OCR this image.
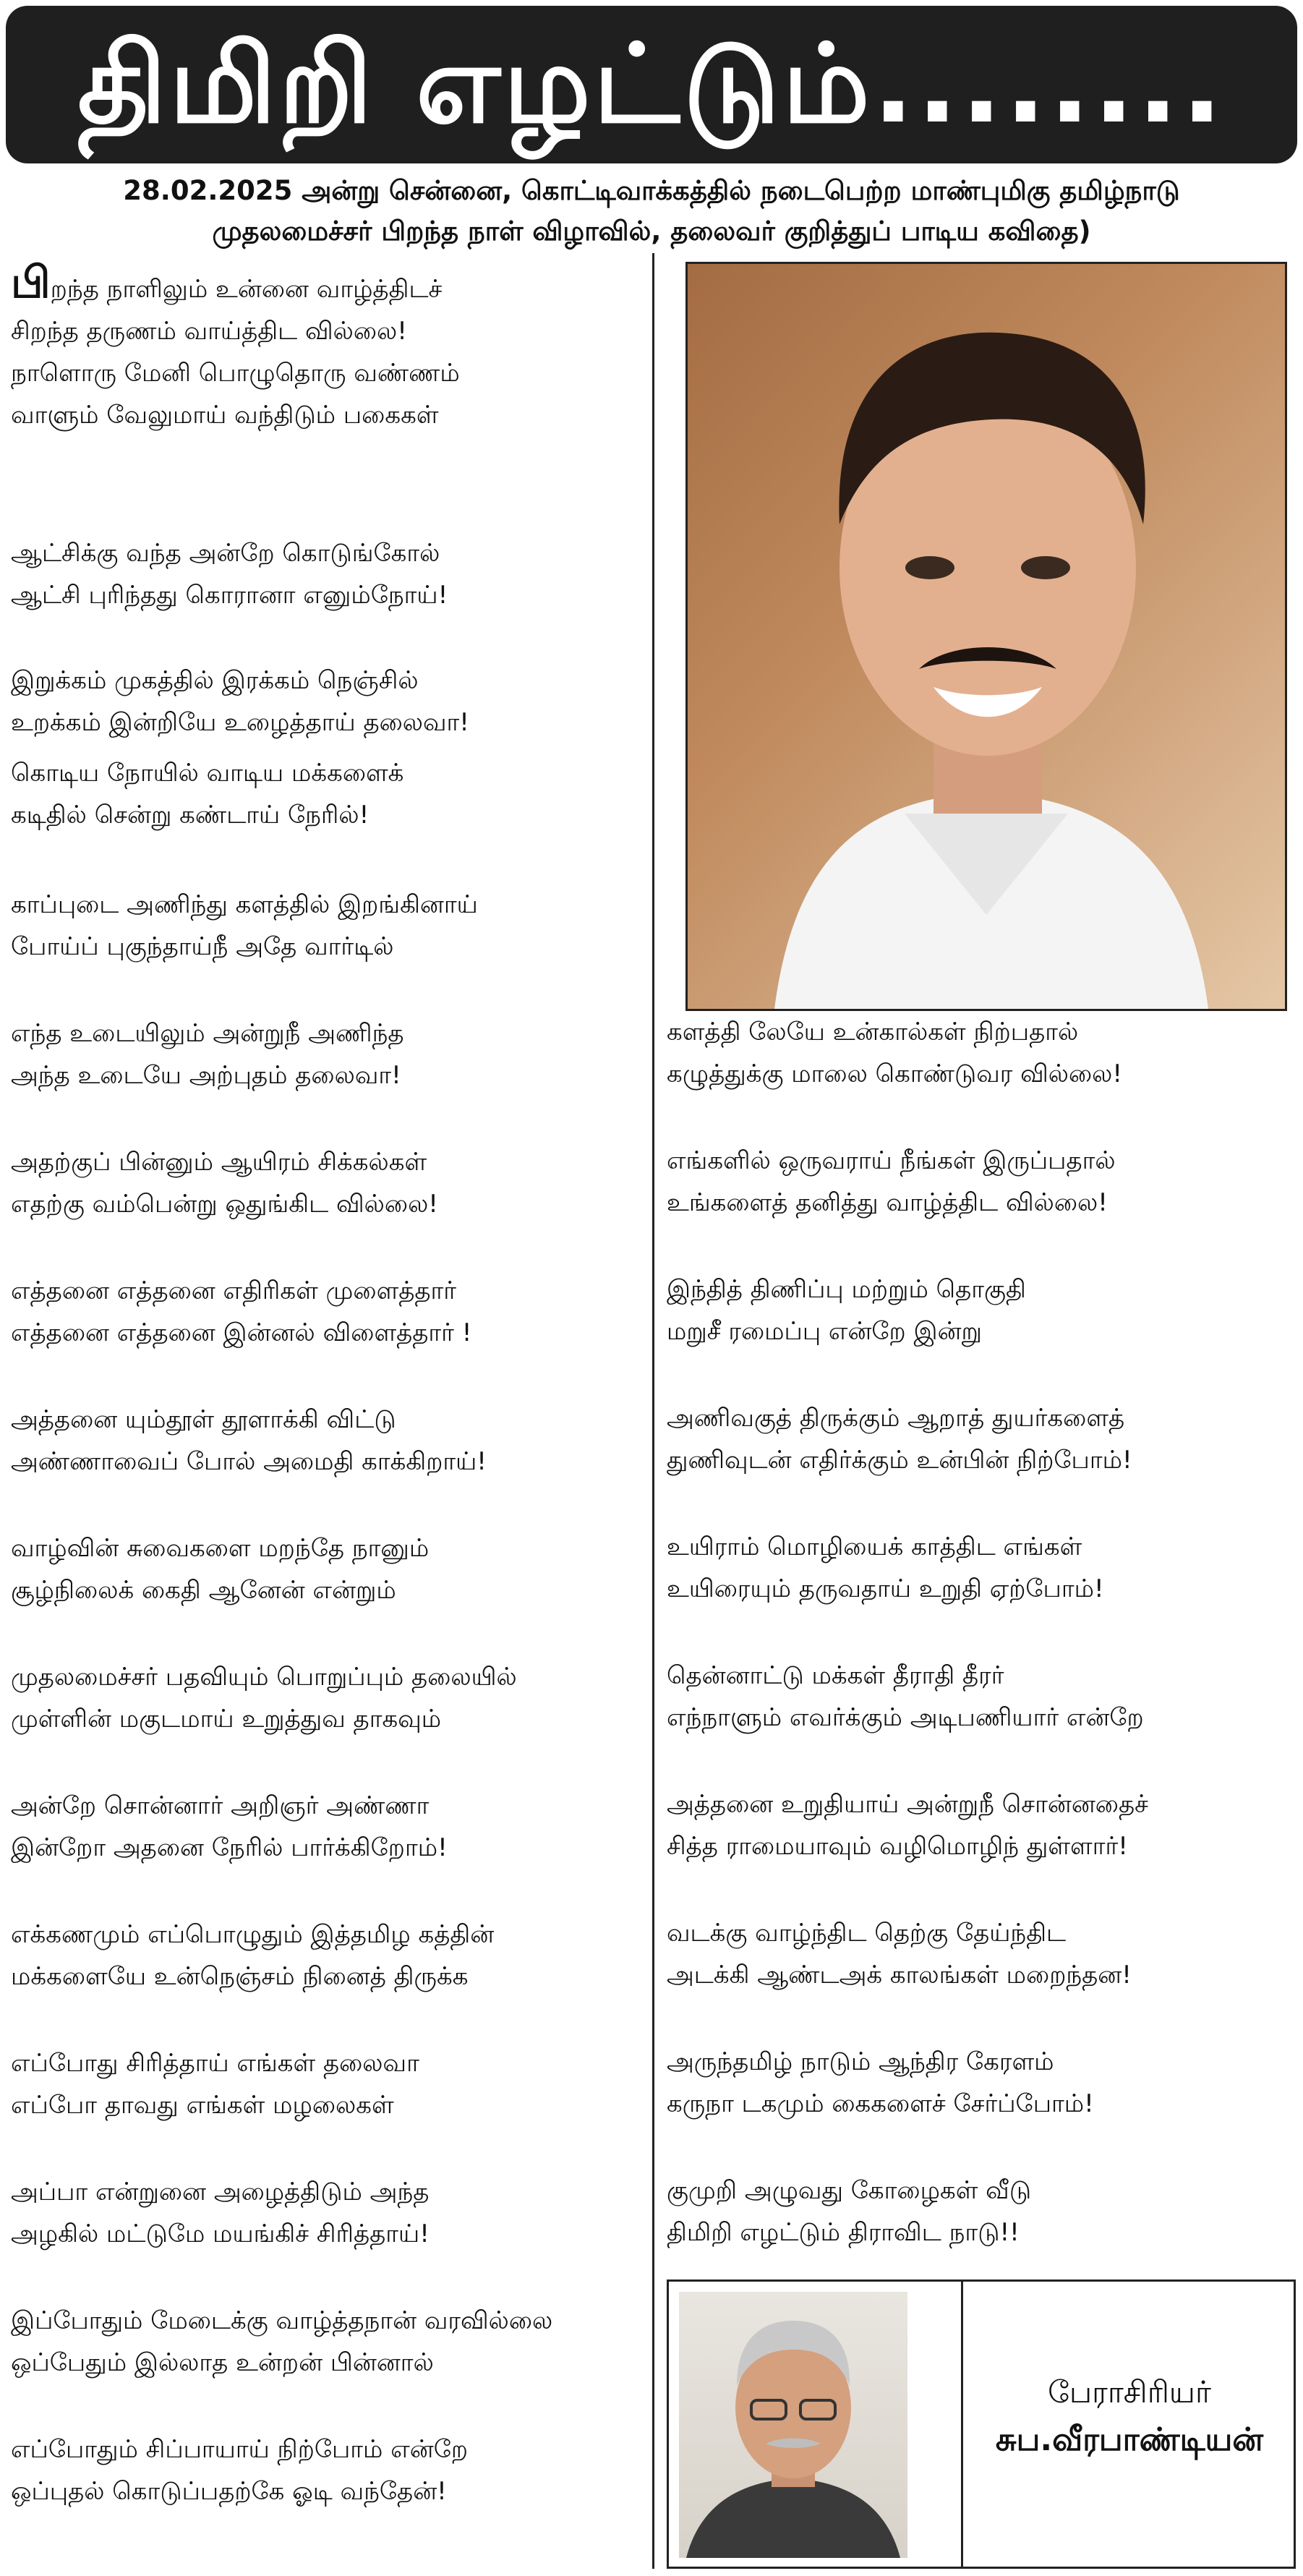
திமிறி எழட்டும்........
28.02.2025 அன்று சென்னை, கொட்டிவாக்கத்தில் நடைபெற்ற மாண்புமிகு தமிழ்நாடு
முதலமைச்சர் பிறந்த நாள் விழாவில், தலைவர் குறித்துப் பாடிய கவிதை)

பிறந்த நாளிலும் உன்னை வாழ்த்திடச்
சிறந்த தருணம் வாய்த்திட வில்லை!
நாளொரு மேனி பொழுதொரு வண்ணம்
வாளும் வேலுமாய் வந்திடும் பகைகள்

ஆட்சிக்கு வந்த அன்றே கொடுங்கோல்
ஆட்சி புரிந்தது கொரானா எனும்நோய்!

இறுக்கம் முகத்தில் இரக்கம் நெஞ்சில்
உறக்கம் இன்றியே உழைத்தாய் தலைவா!

கொடிய நோயில் வாடிய மக்களைக்
கடிதில் சென்று கண்டாய் நேரில்!

காப்புடை அணிந்து களத்தில் இறங்கினாய்
போய்ப் புகுந்தாய்நீ அதே வார்டில்

எந்த உடையிலும் அன்றுநீ அணிந்த
அந்த உடையே அற்புதம் தலைவா!

அதற்குப் பின்னும் ஆயிரம் சிக்கல்கள்
எதற்கு வம்பென்று ஒதுங்கிட வில்லை!

எத்தனை எத்தனை எதிரிகள் முளைத்தார்
எத்தனை எத்தனை இன்னல் விளைத்தார் !

அத்தனை யும்தூள் தூளாக்கி விட்டு
அண்ணாவைப் போல் அமைதி காக்கிறாய்!

வாழ்வின் சுவைகளை மறந்தே நானும்
சூழ்நிலைக் கைதி ஆனேன் என்றும்

முதலமைச்சர் பதவியும் பொறுப்பும் தலையில்
முள்ளின் மகுடமாய் உறுத்துவ தாகவும்

அன்றே சொன்னார் அறிஞர் அண்ணா
இன்றோ அதனை நேரில் பார்க்கிறோம்!

எக்கணமும் எப்பொழுதும் இத்தமிழ கத்தின்
மக்களையே உன்நெஞ்சம் நினைத் திருக்க

எப்போது சிரித்தாய் எங்கள் தலைவா
எப்போ தாவது எங்கள் மழலைகள்

அப்பா என்றுனை அழைத்திடும் அந்த
அழகில் மட்டுமே மயங்கிச் சிரித்தாய்!

இப்போதும் மேடைக்கு வாழ்த்தநான் வரவில்லை
ஒப்பேதும் இல்லாத உன்றன் பின்னால்

எப்போதும் சிப்பாயாய் நிற்போம் என்றே
ஒப்புதல் கொடுப்பதற்கே ஓடி வந்தேன்!

களத்தி லேயே உன்கால்கள் நிற்பதால்
கழுத்துக்கு மாலை கொண்டுவர வில்லை!

எங்களில் ஒருவராய் நீங்கள் இருப்பதால்
உங்களைத் தனித்து வாழ்த்திட வில்லை!

இந்தித் திணிப்பு மற்றும் தொகுதி
மறுசீ ரமைப்பு என்றே இன்று

அணிவகுத் திருக்கும் ஆறாத் துயர்களைத்
துணிவுடன் எதிர்க்கும் உன்பின் நிற்போம்!

உயிராம் மொழியைக் காத்திட எங்கள்
உயிரையும் தருவதாய் உறுதி ஏற்போம்!

தென்னாட்டு மக்கள் தீராதி தீரர்
எந்நாளும் எவர்க்கும் அடிபணியார் என்றே

அத்தனை உறுதியாய் அன்றுநீ சொன்னதைச்
சித்த ராமையாவும் வழிமொழிந் துள்ளார்!

வடக்கு வாழ்ந்திட தெற்கு தேய்ந்திட
அடக்கி ஆண்டஅக் காலங்கள் மறைந்தன!

அருந்தமிழ் நாடும் ஆந்திர கேரளம்
கருநா டகமும் கைகளைச் சேர்ப்போம்!

குமுறி அழுவது கோழைகள் வீடு
திமிறி எழட்டும் திராவிட நாடு!!

பேராசிரியர்
சுப.வீரபாண்டியன்
